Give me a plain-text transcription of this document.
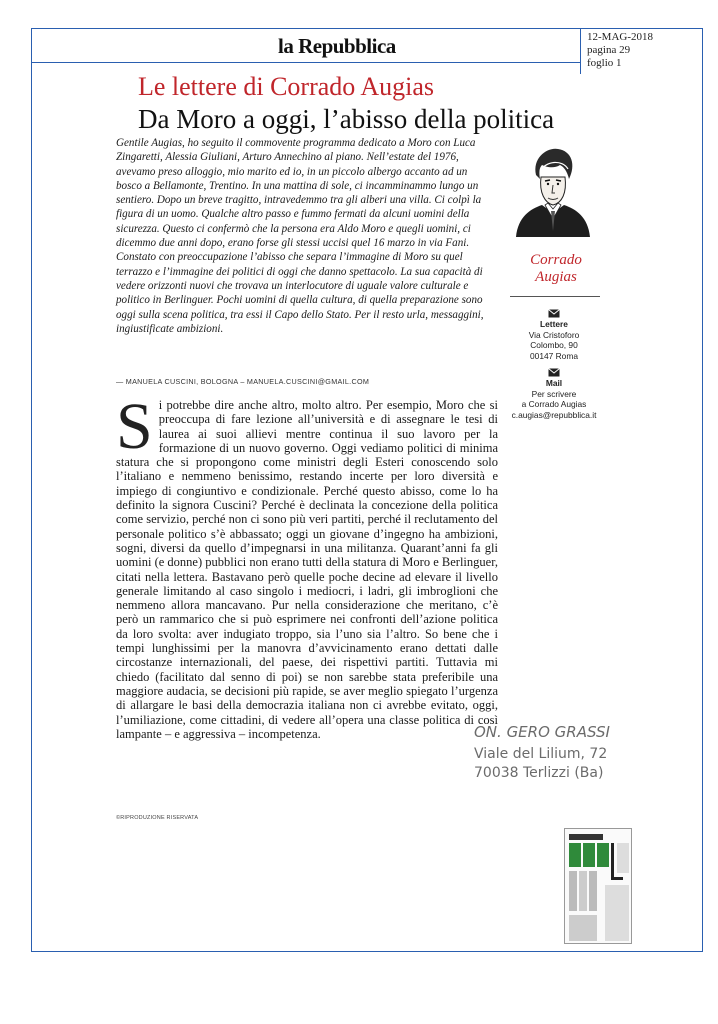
la Repubblica	12-MAG-2018
pagina 29
foglio 1
Le lettere di Corrado Augias
Da Moro a oggi, l’abisso della politica

Gentile Augias, ho seguito il commovente programma dedicato a Moro con Luca Zingaretti, Alessia Giuliani, Arturo Annechino al piano. Nell’estate del 1976, avevamo preso alloggio, mio marito ed io, in un piccolo albergo accanto ad un bosco a Bellamonte, Trentino. In una mattina di sole, ci incamminammo lungo un sentiero. Dopo un breve tragitto, intravedemmo tra gli alberi una villa. Ci colpì la figura di un uomo. Qualche altro passo e fummo fermati da alcuni uomini della sicurezza. Questo ci confermò che la persona era Aldo Moro e quegli uomini, ci dicemmo due anni dopo, erano forse gli stessi uccisi quel 16 marzo in via Fani. Constato con preoccupazione l’abisso che separa l’immagine di Moro su quel terrazzo e l’immagine dei politici di oggi che danno spettacolo. La sua capacità di vedere orizzonti nuovi che trovava un interlocutore di uguale valore culturale e politico in Berlinguer. Pochi uomini di quella cultura, di quella preparazione sono oggi sulla scena politica, tra essi il Capo dello Stato. Per il resto urla, messaggini, ingiustificate ambizioni.

— MANUELA CUSCINI, BOLOGNA – MANUELA.CUSCINI@GMAIL.COM

Si potrebbe dire anche altro, molto altro. Per esempio, Moro che si preoccupa di fare lezione all’università e di assegnare le tesi di laurea ai suoi allievi mentre continua il suo lavoro per la formazione di un nuovo governo. Oggi vediamo politici di minima statura che si propongono come ministri degli Esteri conoscendo solo l’italiano e nemmeno benissimo, restando incerte per loro diversità e impiego di congiuntivo e condizionale. Perché questo abisso, come lo ha definito la signora Cuscini? Perché è declinata la concezione della politica come servizio, perché non ci sono più veri partiti, perché il reclutamento del personale politico s’è abbassato; oggi un giovane d’ingegno ha ambizioni, sogni, diversi da quello d’impegnarsi in una militanza. Quarant’anni fa gli uomini (e donne) pubblici non erano tutti della statura di Moro e Berlinguer, citati nella lettera. Bastavano però quelle poche decine ad elevare il livello generale limitando al caso singolo i mediocri, i ladri, gli imbroglioni che nemmeno allora mancavano. Pur nella considerazione che meritano, c’è però un rammarico che si può esprimere nei confronti dell’azione politica da loro svolta: aver indugiato troppo, sia l’uno sia l’altro. So bene che i tempi lunghissimi per la manovra d’avvicinamento erano dettati dalle circostanze internazionali, del paese, dei rispettivi partiti. Tuttavia mi chiedo (facilitato dal senno di poi) se non sarebbe stata preferibile una maggiore audacia, se decisioni più rapide, se aver meglio spiegato l’urgenza di allargare le basi della democrazia italiana non ci avrebbe evitato, oggi, l’umiliazione, come cittadini, di vedere all’opera una classe politica di così lampante – e aggressiva – incompetenza.

©RIPRODUZIONE RISERVATA
Corrado
Augias
Lettere
Via Cristoforo
Colombo, 90
00147 Roma
Mail
Per scrivere
a Corrado Augias
c.augias@repubblica.it
ON. GERO GRASSI
Viale del Lilium, 72
70038 Terlizzi (Ba)
